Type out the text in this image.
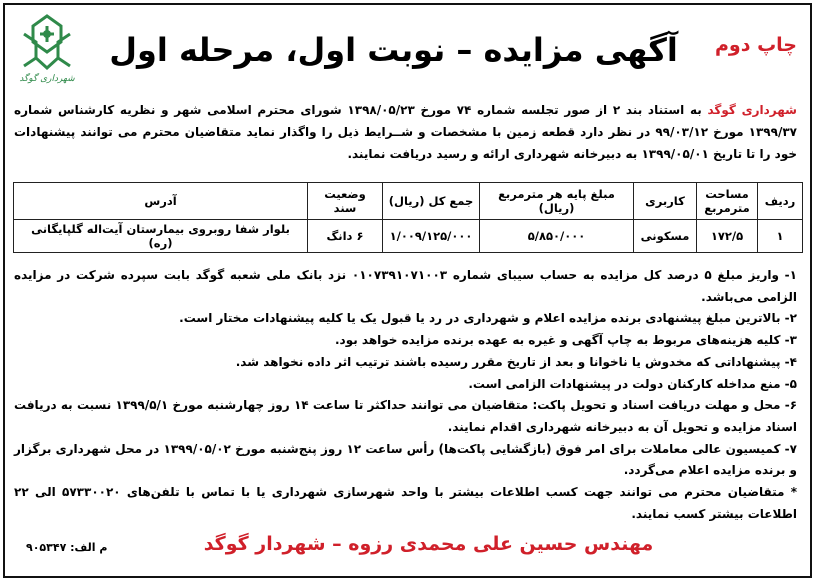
شهرداری گوگد
چاپ دوم
آگهی مزایده – نوبت اول، مرحله اول
شهرداری گوگد به استناد بند ۲ از صور تجلسه شماره ۷۴ مورخ ۱۳۹۸/۰۵/۲۳ شورای محترم اسلامی شهر و نظریه کارشناس شماره ۱۳۹۹/۳۷ مورخ ۹۹/۰۳/۱۲ در نظر دارد قطعه زمین با مشخصات و شــرایط ذیل را واگذار نماید متقاضیان محترم می توانند پیشنهادات خود را تا تاریخ ۱۳۹۹/۰۵/۰۱ به دبیرخانه شهرداری ارائه و رسید دریافت نمایند.
ردیف	مساحت مترمربع	کاربری	مبلغ پایه هر مترمربع (ریال)	جمع کل (ریال)	وضعیت سند	آدرس
۱	۱۷۲/۵	مسکونی	۵/۸۵۰/۰۰۰	۱/۰۰۹/۱۲۵/۰۰۰	۶ دانگ	بلوار شفا روبروی بیمارستان آیت‌اله گلپایگانی (ره)

۱- واریز مبلغ ۵ درصد کل مزایده به حساب سیبای شماره ۰۱۰۷۳۹۱۰۷۱۰۰۳ نزد بانک ملی شعبه گوگد بابت سپرده شرکت در مزایده الزامی می‌باشد.

۲- بالاترین مبلغ پیشنهادی برنده مزایده اعلام و شهرداری در رد یا قبول یک یا کلیه پیشنهادات مختار است.

۳- کلیه هزینه‌های مربوط به چاپ آگهی و غیره به عهده برنده مزایده خواهد بود.

۴- پیشنهاداتی که مخدوش یا ناخوانا و بعد از تاریخ مقرر رسیده باشند ترتیب اثر داده نخواهد شد.

۵- منع مداخله کارکنان دولت در پیشنهادات الزامی است.

۶- محل و مهلت دریافت اسناد و تحویل پاکت: متقاضیان می توانند حداکثر تا ساعت ۱۴ روز چهارشنبه مورخ ۱۳۹۹/۵/۱ نسبت به دریافت اسناد مزایده و تحویل آن به دبیرخانه شهرداری اقدام نمایند.

۷- کمیسیون عالی معاملات برای امر فوق (بازگشایی پاکت‌ها) رأس ساعت ۱۲ روز پنج‌شنبه مورخ ۱۳۹۹/۰۵/۰۲ در محل شهرداری برگزار و برنده مزایده اعلام می‌گردد.

* متقاضیان محترم می توانند جهت کسب اطلاعات بیشتر با واحد شهرسازی شهرداری یا با تماس با تلفن‌های ۵۷۳۳۰۰۲۰ الی ۲۲ اطلاعات بیشتر کسب نمایند.

مهندس حسین علی محمدی رزوه – شهردار گوگد
م الف: ۹۰۵۳۴۷
